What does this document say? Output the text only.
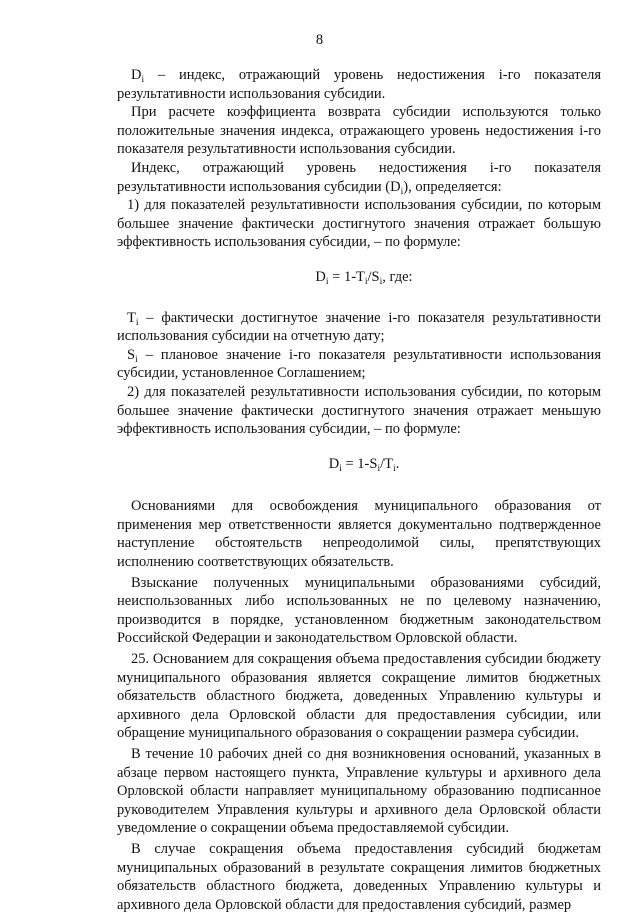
8

$D_i$ – индекс, отражающий уровень недостижения i-го показателя результативности использования субсидии.

При расчете коэффициента возврата субсидии используются только положительные значения индекса, отражающего уровень недостижения i-го показателя результативности использования субсидии.

Индекс, отражающий уровень недостижения i-го показателя результативности использования субсидии $(D_i)$, определяется:

1) для показателей результативности использования субсидии, по которым большее значение фактически достигнутого значения отражает большую эффективность использования субсидии, – по формуле:

$D_i = 1-T_i/S_i$, где:

$T_i$ – фактически достигнутое значение i-го показателя результативности использования субсидии на отчетную дату;

$S_i$ – плановое значение i-го показателя результативности использования субсидии, установленное Соглашением;

2) для показателей результативности использования субсидии, по которым большее значение фактически достигнутого значения отражает меньшую эффективность использования субсидии, – по формуле:

$D_i = 1-S_i/T_i$.

Основаниями для освобождения муниципального образования от применения мер ответственности является документально подтвержденное наступление обстоятельств непреодолимой силы, препятствующих исполнению соответствующих обязательств.

Взыскание полученных муниципальными образованиями субсидий, неиспользованных либо использованных не по целевому назначению, производится в порядке, установленном бюджетным законодательством Российской Федерации и законодательством Орловской области.

25. Основанием для сокращения объема предоставления субсидии бюджету муниципального образования является сокращение лимитов бюджетных обязательств областного бюджета, доведенных Управлению культуры и архивного дела Орловской области для предоставления субсидии, или обращение муниципального образования о сокращении размера субсидии.

В течение 10 рабочих дней со дня возникновения оснований, указанных в абзаце первом настоящего пункта, Управление культуры и архивного дела Орловской области направляет муниципальному образованию подписанное руководителем Управления культуры и архивного дела Орловской области уведомление о сокращении объема предоставляемой субсидии.

В случае сокращения объема предоставления субсидий бюджетам муниципальных образований в результате сокращения лимитов бюджетных обязательств областного бюджета, доведенных Управлению культуры и архивного дела Орловской области для предоставления субсидий, размер
